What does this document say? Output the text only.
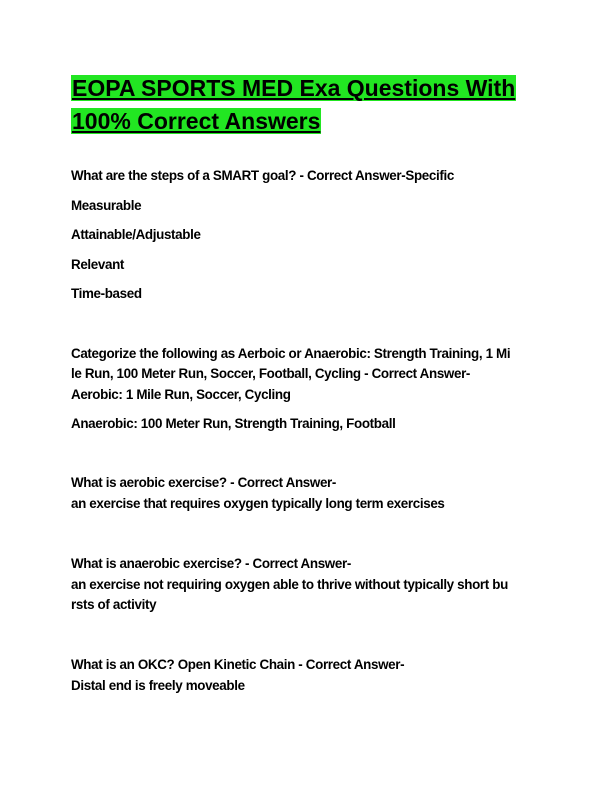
EOPA SPORTS MED Exa Questions With
100% Correct Answers
What are the steps of a SMART goal? - Correct Answer-Specific
Measurable
Attainable/Adjustable
Relevant
Time-based
Categorize the following as Aerboic or Anaerobic: Strength Training, 1 Mi
le Run, 100 Meter Run, Soccer, Football, Cycling - Correct Answer-
Aerobic: 1 Mile Run, Soccer, Cycling
Anaerobic: 100 Meter Run, Strength Training, Football
What is aerobic exercise? - Correct Answer-
an exercise that requires oxygen typically long term exercises
What is anaerobic exercise? - Correct Answer-
an exercise not requiring oxygen able to thrive without typically short bu
rsts of activity
What is an OKC? Open Kinetic Chain - Correct Answer-
Distal end is freely moveable
